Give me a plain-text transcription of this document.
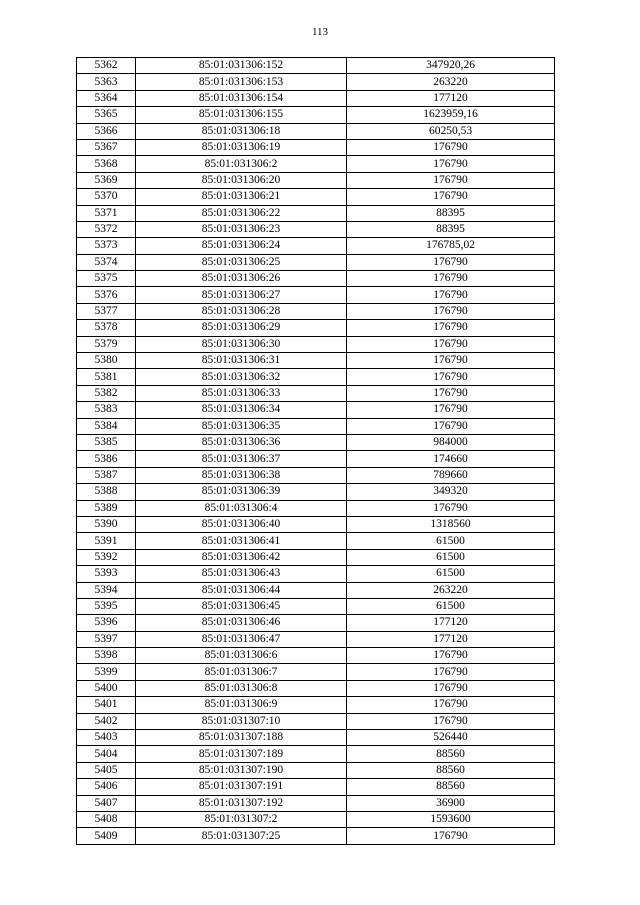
113
5362	85:01:031306:152	347920,26
5363	85:01:031306:153	263220
5364	85:01:031306:154	177120
5365	85:01:031306:155	1623959,16
5366	85:01:031306:18	60250,53
5367	85:01:031306:19	176790
5368	85:01:031306:2	176790
5369	85:01:031306:20	176790
5370	85:01:031306:21	176790
5371	85:01:031306:22	88395
5372	85:01:031306:23	88395
5373	85:01:031306:24	176785,02
5374	85:01:031306:25	176790
5375	85:01:031306:26	176790
5376	85:01:031306:27	176790
5377	85:01:031306:28	176790
5378	85:01:031306:29	176790
5379	85:01:031306:30	176790
5380	85:01:031306:31	176790
5381	85:01:031306:32	176790
5382	85:01:031306:33	176790
5383	85:01:031306:34	176790
5384	85:01:031306:35	176790
5385	85:01:031306:36	984000
5386	85:01:031306:37	174660
5387	85:01:031306:38	789660
5388	85:01:031306:39	349320
5389	85:01:031306:4	176790
5390	85:01:031306:40	1318560
5391	85:01:031306:41	61500
5392	85:01:031306:42	61500
5393	85:01:031306:43	61500
5394	85:01:031306:44	263220
5395	85:01:031306:45	61500
5396	85:01:031306:46	177120
5397	85:01:031306:47	177120
5398	85:01:031306:6	176790
5399	85:01:031306:7	176790
5400	85:01:031306:8	176790
5401	85:01:031306:9	176790
5402	85:01:031307:10	176790
5403	85:01:031307:188	526440
5404	85:01:031307:189	88560
5405	85:01:031307:190	88560
5406	85:01:031307:191	88560
5407	85:01:031307:192	36900
5408	85:01:031307:2	1593600
5409	85:01:031307:25	176790
